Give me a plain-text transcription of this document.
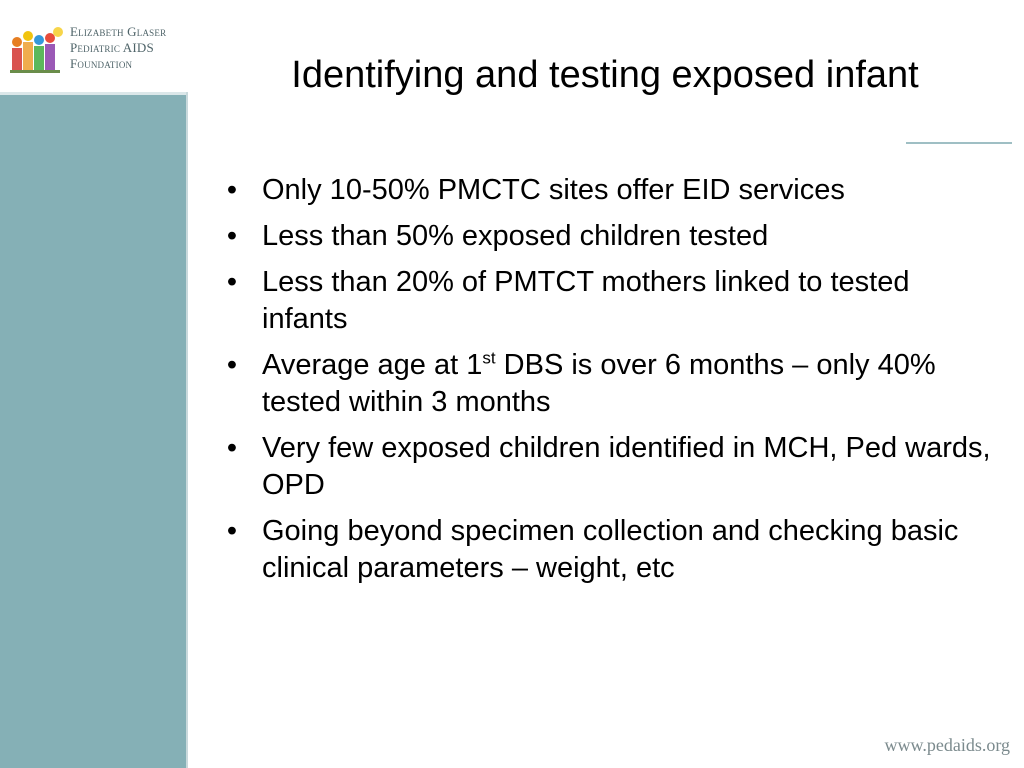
Elizabeth Glaser
Pediatric AIDS
Foundation	Identifying and testing exposed infant
• Only 10-50% PMCTC sites offer EID services
• Less than 50% exposed children tested
• Less than 20% of PMTCT mothers linked to tested infants
• Average age at 1st DBS is over 6 months – only 40% tested within 3 months
• Very few exposed children identified in MCH, Ped wards, OPD
• Going beyond specimen collection and checking basic clinical parameters – weight, etc
www.pedaids.org
